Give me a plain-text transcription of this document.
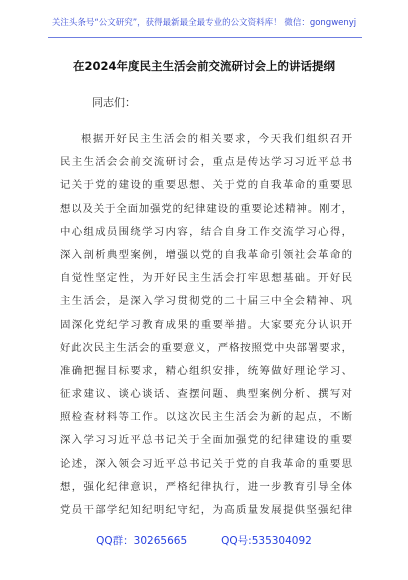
关注头条号“公文研究”，获得最新最全最专业的公文资料库！ 微信：gongwenyj
在2024年度民主生活会前交流研讨会上的讲话提纲
同志们：
根据开好民主生活会的相关要求，今天我们组织召开
民主生活会会前交流研讨会，重点是传达学习习近平总书
记关于党的建设的重要思想、关于党的自我革命的重要思
想以及关于全面加强党的纪律建设的重要论述精神。刚才，
中心组成员围绕学习内容，结合自身工作交流学习心得，
深入剖析典型案例，增强以党的自我革命引领社会革命的
自觉性坚定性，为开好民主生活会打牢思想基础。开好民
主生活会，是深入学习贯彻党的二十届三中全会精神、巩
固深化党纪学习教育成果的重要举措。大家要充分认识开
好此次民主生活会的重要意义，严格按照党中央部署要求，
准确把握目标要求，精心组织安排，统筹做好理论学习、
征求建议、谈心谈话、查摆问题、典型案例分析、撰写对
照检查材料等工作。以这次民主生活会为新的起点，不断
深入学习习近平总书记关于全面加强党的纪律建设的重要
论述，深入领会习近平总书记关于党的自我革命的重要思
想，强化纪律意识，严格纪律执行，进一步教育引导全体
党员干部学纪知纪明纪守纪，为高质量发展提供坚强纪律
QQ群：30265665	QQ号:535304092
